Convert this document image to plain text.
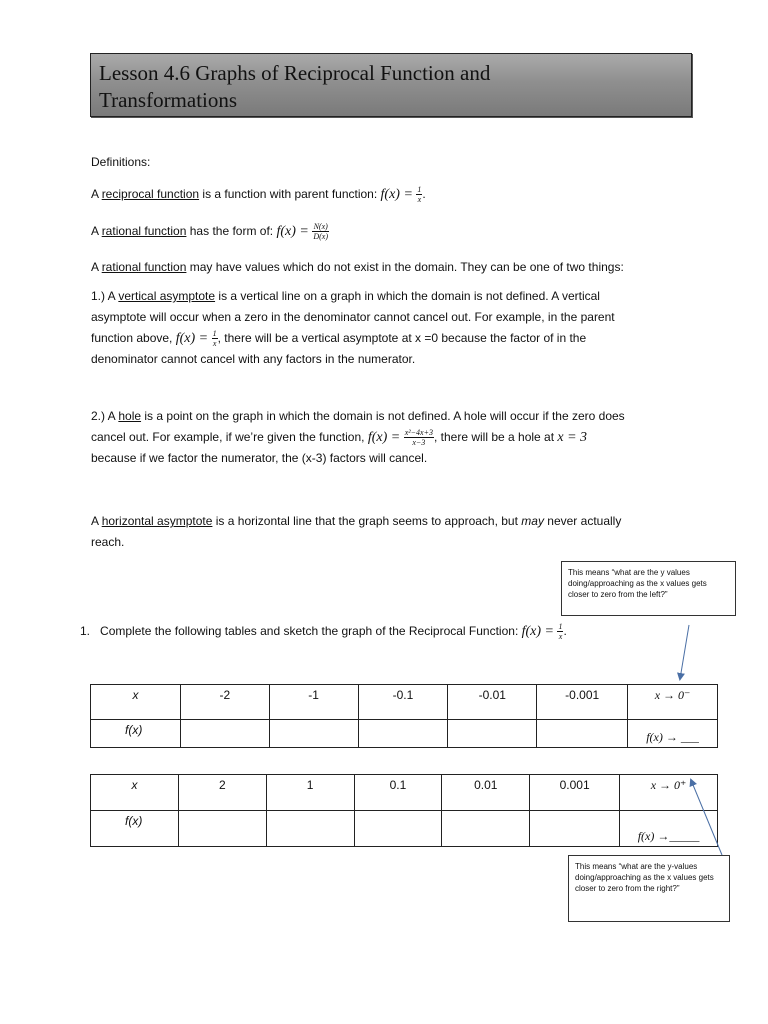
Lesson 4.6 Graphs of Reciprocal Function and
Transformations
Definitions:
A reciprocal function is a function with parent function: $f(x) = \frac{1}{x}$ .
A rational function has the form of: $f(x) = \frac{N(x)}{D(x)}$
A rational function may have values which do not exist in the domain. They can be one of two things:
1.) A vertical asymptote is a vertical line on a graph in which the domain is not defined. A vertical
asymptote will occur when a zero in the denominator cannot cancel out. For example, in the parent
function above, $f(x) = \frac{1}{x}$ , there will be a vertical asymptote at x =0 because the factor of in the
denominator cannot cancel with any factors in the numerator.
2.) A hole is a point on the graph in which the domain is not defined. A hole will occur if the zero does
cancel out. For example, if we’re given the function, $f(x) = \frac{\text{x²−4x+3}}{x-3}$ , there will be a hole at x = 3
because if we factor the numerator, the (x-3) factors will cancel.
A horizontal asymptote is a horizontal line that the graph seems to approach, but may never actually
reach.
This means “what are the y values doing/approaching as the x values gets closer to zero from the left?”
1. Complete the following tables and sketch the graph of the Reciprocal Function: $f(x) = \frac{1}{x}$ .
x	-2	-1	-0.1	-0.01	-0.001	x → 0⁻
f(x)						f(x) → ___
x	2	1	0.1	0.01	0.001	x → 0⁺
f(x)						f(x) →_____
This means “what are the y-values doing/approaching as the x values gets closer to zero from the right?”
